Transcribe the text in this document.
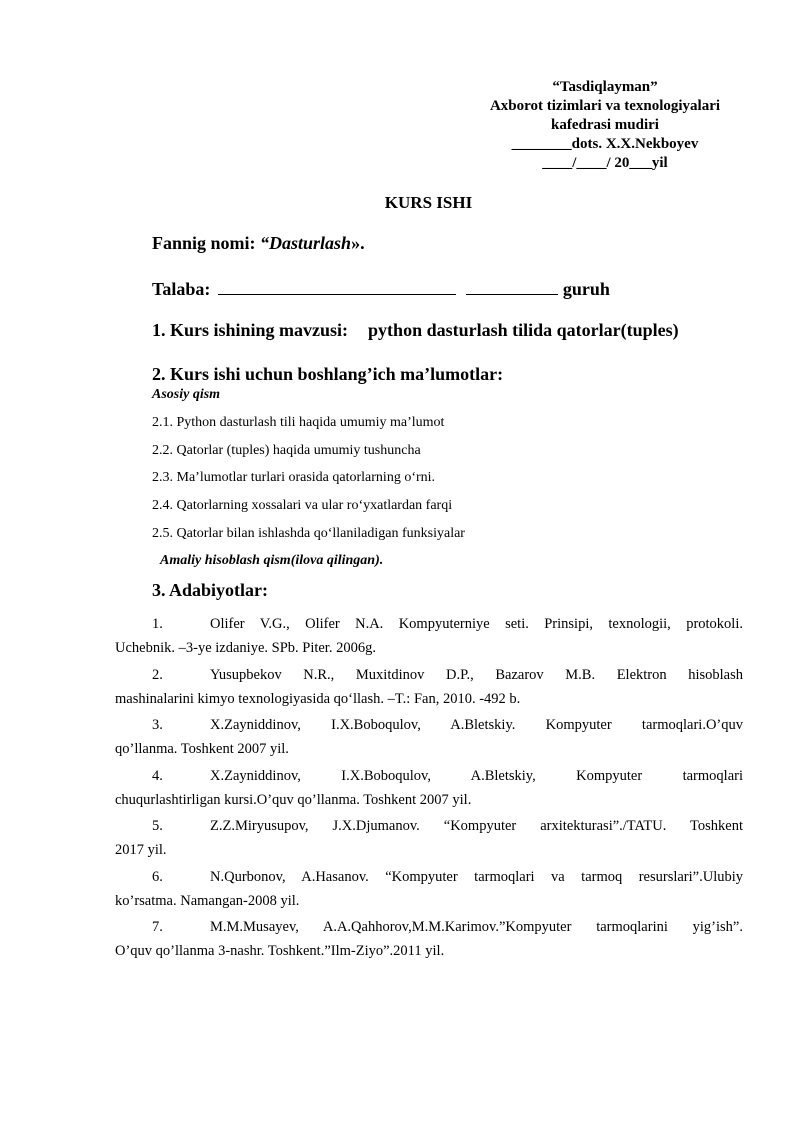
“Tasdiqlayman”
Axborot tizimlari va texnologiyalari
kafedrasi mudiri
________dots. X.X.Nekboyev
____/____/ 20___yil
KURS ISHI
Fannig nomi: “Dasturlash».
Talaba:	guruh
1. Kurs ishining mavzusi: python dasturlash tilida qatorlar(tuples)
2. Kurs ishi uchun boshlang’ich ma’lumotlar:
Asosiy qism
2.1. Python dasturlash tili haqida umumiy maʼlumot
2.2. Qatorlar (tuples) haqida umumiy tushuncha
2.3. Maʼlumotlar turlari orasida qatorlarning oʻrni.
2.4. Qatorlarning xossalari va ular roʻyxatlardan farqi
2.5. Qatorlar bilan ishlashda qoʻllaniladigan funksiyalar
Amaliy hisoblash qism(ilova qilingan).
3. Adabiyotlar:
1.	Olifer V.G., Olifer N.A. Kompyuterniye seti. Prinsipi, texnologii, protokoli.
Uchebnik. –3-ye izdaniye. SPb. Piter. 2006g.
2.	Yusupbekov N.R., Muxitdinov D.P., Bazarov M.B. Elektron hisoblash
mashinalarini kimyo texnologiyasida qoʻllash. –T.: Fan, 2010. -492 b.
3.	X.Zayniddinov, I.X.Boboqulov, A.Bletskiy. Kompyuter tarmoqlari.O’quv
qo’llanma. Toshkent 2007 yil.
4.	X.Zayniddinov, I.X.Boboqulov, A.Bletskiy, Kompyuter tarmoqlari
chuqurlashtirligan kursi.O’quv qo’llanma. Toshkent 2007 yil.
5.	Z.Z.Miryusupov, J.X.Djumanov. “Kompyuter arxitekturasi”./TATU. Toshkent
2017 yil.
6.	N.Qurbonov, A.Hasanov. “Kompyuter tarmoqlari va tarmoq resurslari”.Ulubiy
ko’rsatma. Namangan-2008 yil.
7.	M.M.Musayev, A.A.Qahhorov,M.M.Karimov.”Kompyuter tarmoqlarini yig’ish”.
O’quv qo’llanma 3-nashr. Toshkent.”Ilm-Ziyo”.2011 yil.
